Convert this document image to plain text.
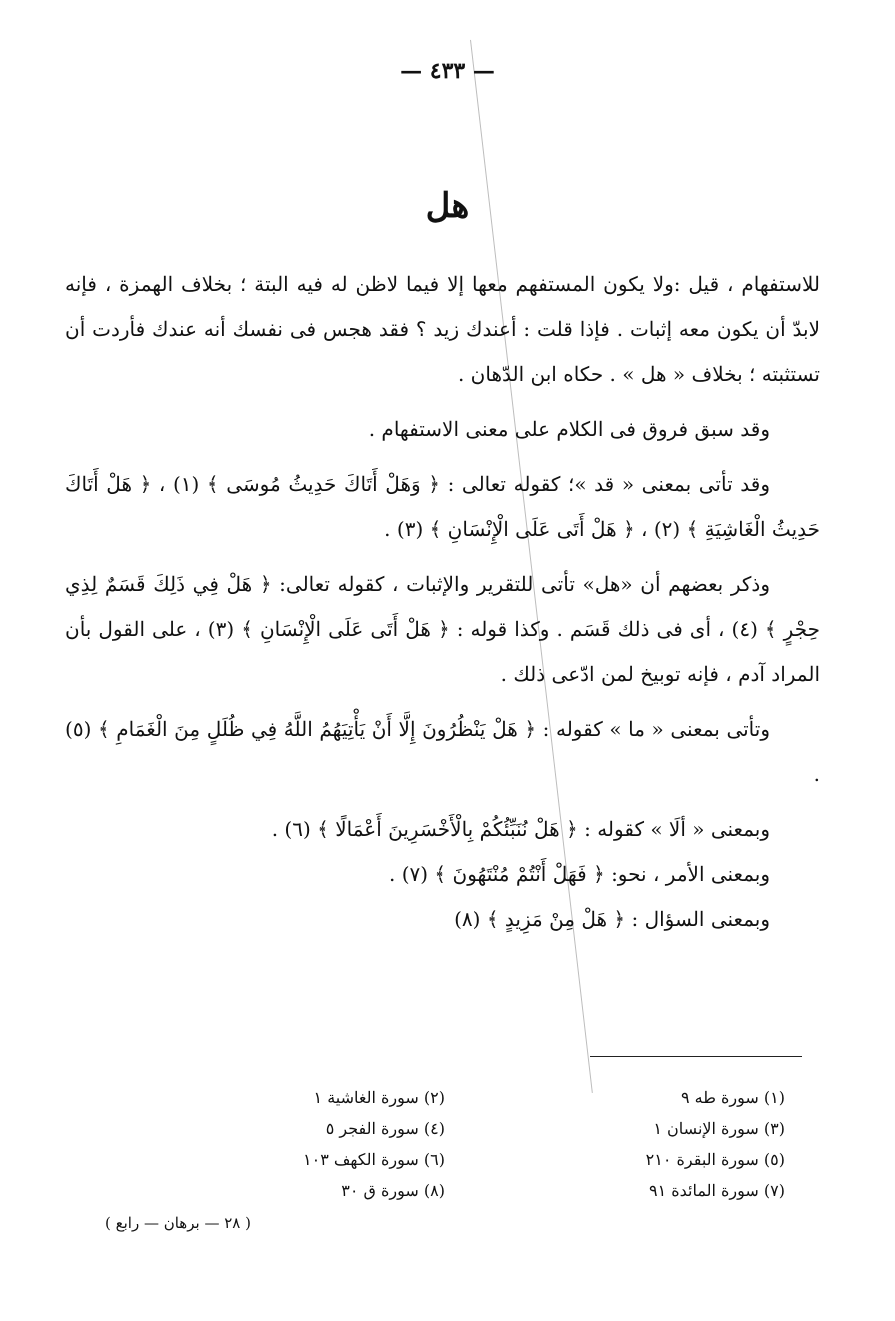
— ٤٣٣ —
هل

للاستفهام ، قيل :ولا يكون المستفهم معها إلا فيما لاظن له فيه البتة ؛ بخلاف الهمزة ، فإنه لابدّ أن يكون معه إثبات . فإذا قلت : أعندك زيد ؟ فقد هجس فى نفسك أنه عندك فأردت أن تستثبته ؛ بخلاف « هل » . حكاه ابن الدّهان .

وقد سبق فروق فى الكلام على معنى الاستفهام .

وقد تأتى بمعنى « قد »؛ كقوله تعالى : ﴿ وَهَلْ أَتَاكَ حَدِيثُ مُوسَى ﴾ (١) ، ﴿ هَلْ أَتَاكَ حَدِيثُ الْغَاشِيَةِ ﴾ (٢) ، ﴿ هَلْ أَتَى عَلَى الْإِنْسَانِ ﴾ (٣) .

وذكر بعضهم أن «هل» تأتى للتقرير والإثبات ، كقوله تعالى: ﴿ هَلْ فِي ذَلِكَ قَسَمٌ لِذِي حِجْرٍ ﴾ (٤) ، أى فى ذلك قَسَم . وكذا قوله : ﴿ هَلْ أَتَى عَلَى الْإِنْسَانِ ﴾ (٣) ، على القول بأن المراد آدم ، فإنه توبيخ لمن ادّعى ذلك .

وتأتى بمعنى « ما » كقوله : ﴿ هَلْ يَنْظُرُونَ إِلَّا أَنْ يَأْتِيَهُمُ اللَّهُ فِي ظُلَلٍ مِنَ الْغَمَامِ ﴾ (٥) .

وبمعنى « ألَا » كقوله : ﴿ هَلْ نُنَبِّئُكُمْ بِالْأَخْسَرِينَ أَعْمَالًا ﴾ (٦) .

وبمعنى الأمر ، نحو: ﴿ فَهَلْ أَنْتُمْ مُنْتَهُونَ ﴾ (٧) .

وبمعنى السؤال : ﴿ هَلْ مِنْ مَزِيدٍ ﴾ (٨)

(١) سورة طه ٩
(٢) سورة الغاشية ١
(٣) سورة الإنسان ١
(٤) سورة الفجر ٥
(٥) سورة البقرة ٢١٠
(٦) سورة الكهف ١٠٣
(٧) سورة المائدة ٩١
(٨) سورة ق ٣٠
( ٢٨ — برهان — رابع )
